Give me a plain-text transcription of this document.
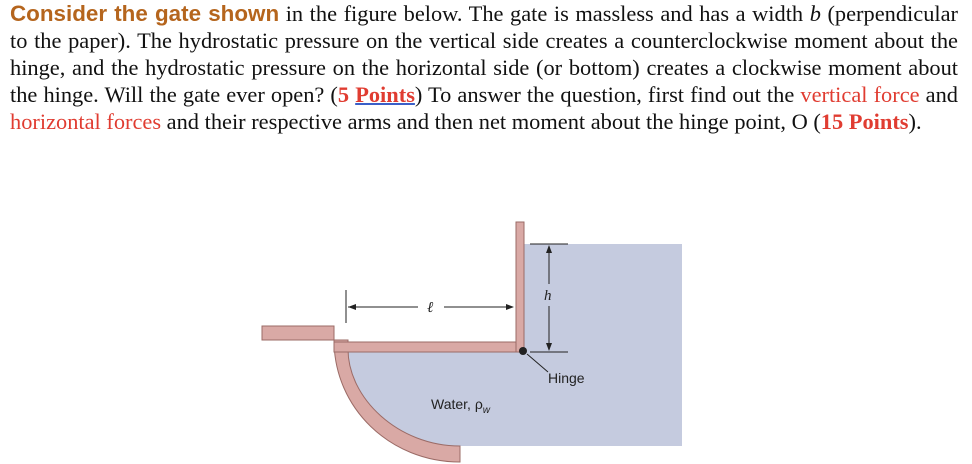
Consider the gate shown in the figure below. The gate is massless and has a width b (perpendicular to the paper). The hydrostatic pressure on the vertical side creates a counterclockwise moment about the hinge, and the hydrostatic pressure on the horizontal side (or bottom) creates a clockwise moment about the hinge. Will the gate ever open? (5 Points) To answer the question, first find out the vertical force and horizontal forces and their respective arms and then net moment about the hinge point, O (15 Points).
ℓ
h
Hinge
Water, $\rho_w$
